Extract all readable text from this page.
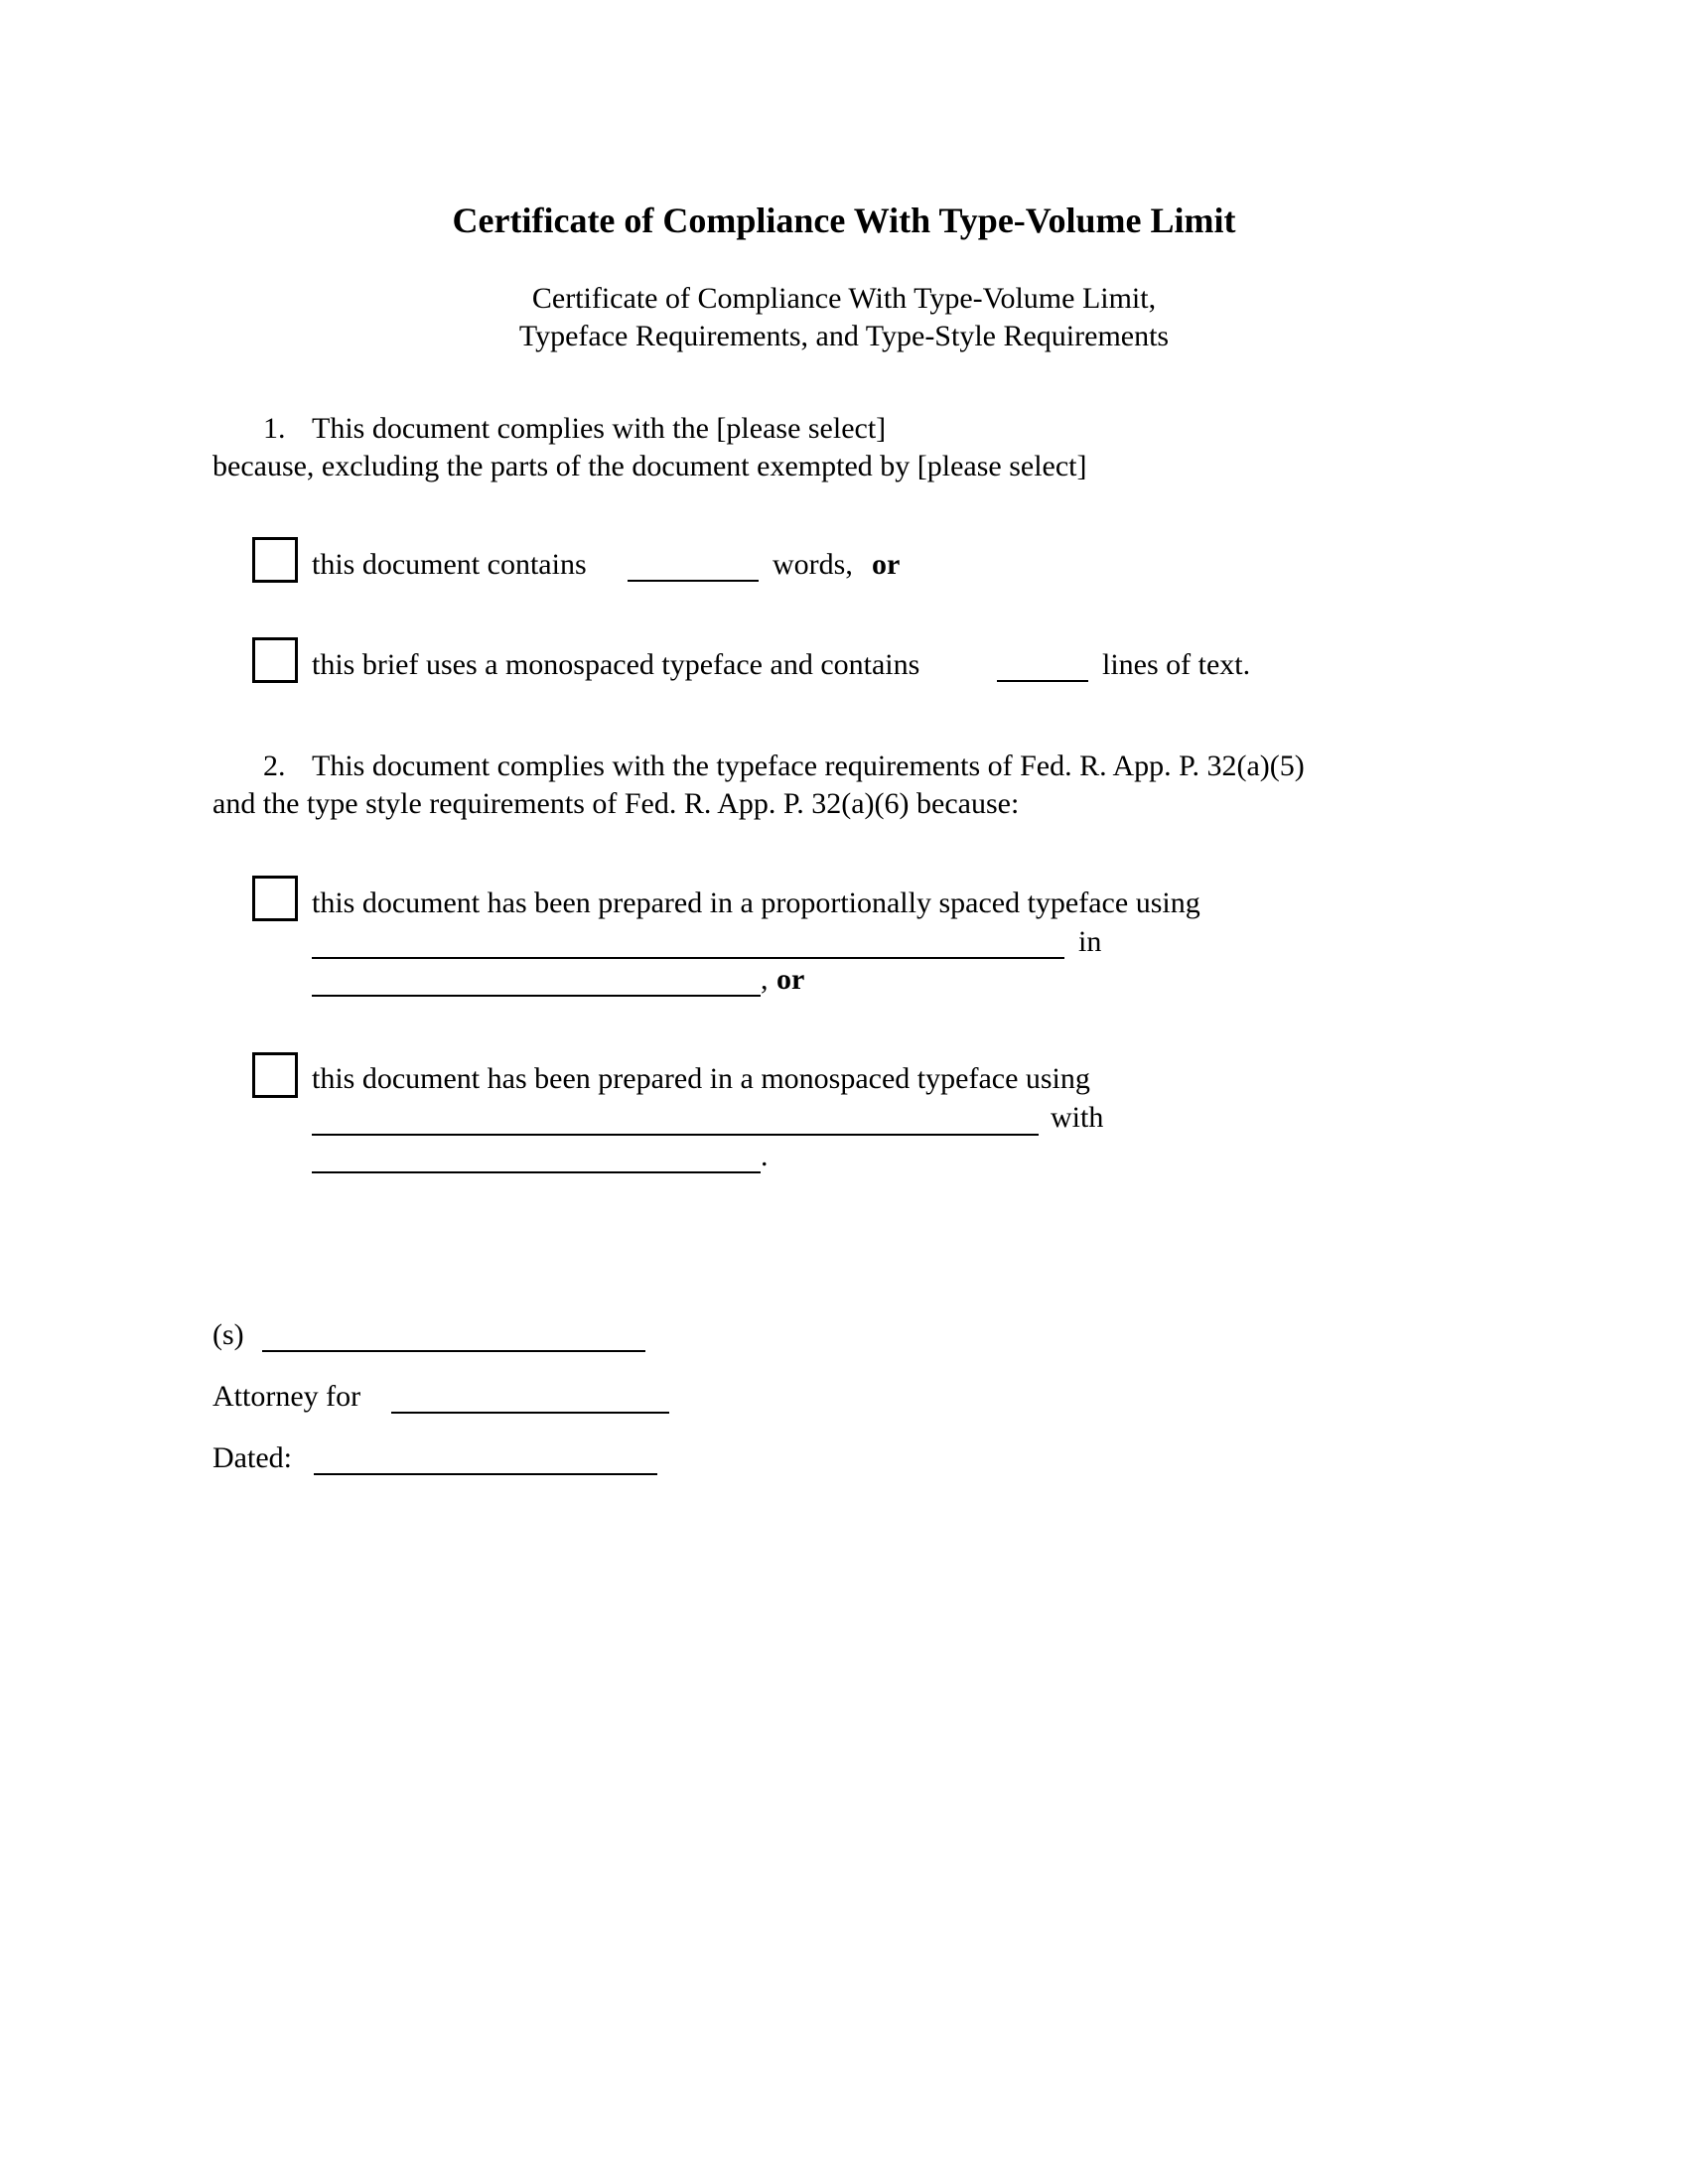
Certificate of Compliance With Type-Volume Limit
Certificate of Compliance With Type-Volume Limit,
Typeface Requirements, and Type-Style Requirements
1. This document complies with the [please select]
because, excluding the parts of the document exempted by [please select]
this document contains	words, or
this brief uses a monospaced typeface and contains	lines of text.
2. This document complies with the typeface requirements of Fed. R. App. P. 32(a)(5)
and the type style requirements of Fed. R. App. P. 32(a)(6) because:
this document has been prepared in a proportionally spaced typeface using
in
, or
this document has been prepared in a monospaced typeface using
with
.
(s)
Attorney for
Dated:
